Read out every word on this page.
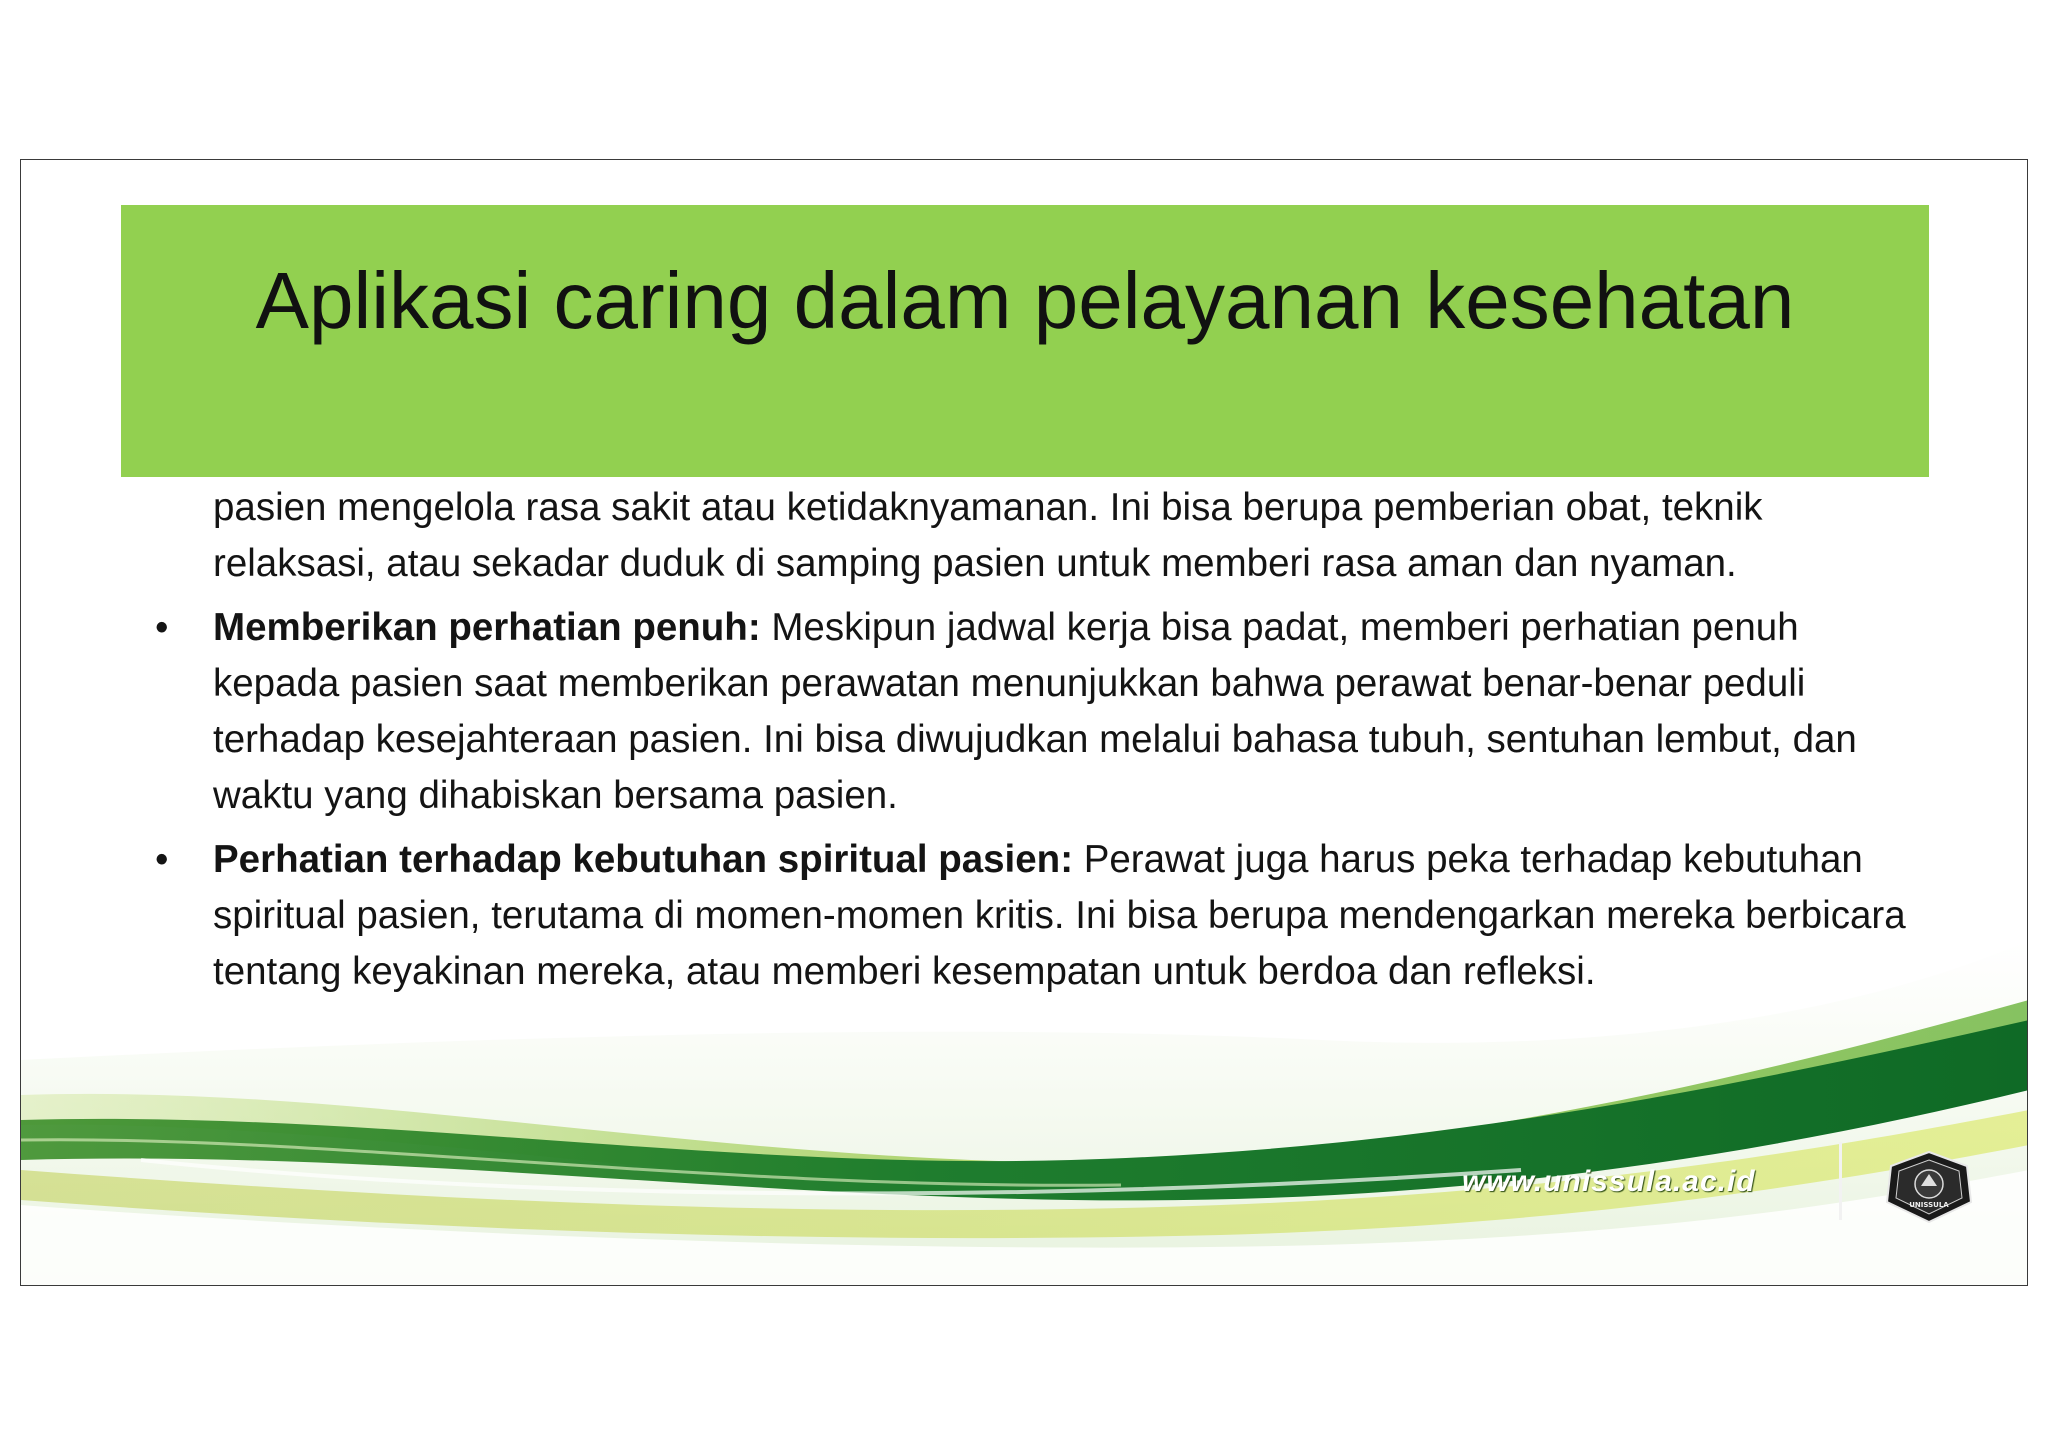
Aplikasi caring dalam pelayanan kesehatan

pasien mengelola rasa sakit atau ketidaknyamanan. Ini bisa berupa pemberian obat, teknik relaksasi, atau sekadar duduk di samping pasien untuk memberi rasa aman dan nyaman.

• Memberikan perhatian penuh: Meskipun jadwal kerja bisa padat, memberi perhatian penuh kepada pasien saat memberikan perawatan menunjukkan bahwa perawat benar-benar peduli terhadap kesejahteraan pasien. Ini bisa diwujudkan melalui bahasa tubuh, sentuhan lembut, dan waktu yang dihabiskan bersama pasien.

• Perhatian terhadap kebutuhan spiritual pasien: Perawat juga harus peka terhadap kebutuhan spiritual pasien, terutama di momen-momen kritis. Ini bisa berupa mendengarkan mereka berbicara tentang keyakinan mereka, atau memberi kesempatan untuk berdoa dan refleksi.

www.unissula.ac.id
UNISSULA
